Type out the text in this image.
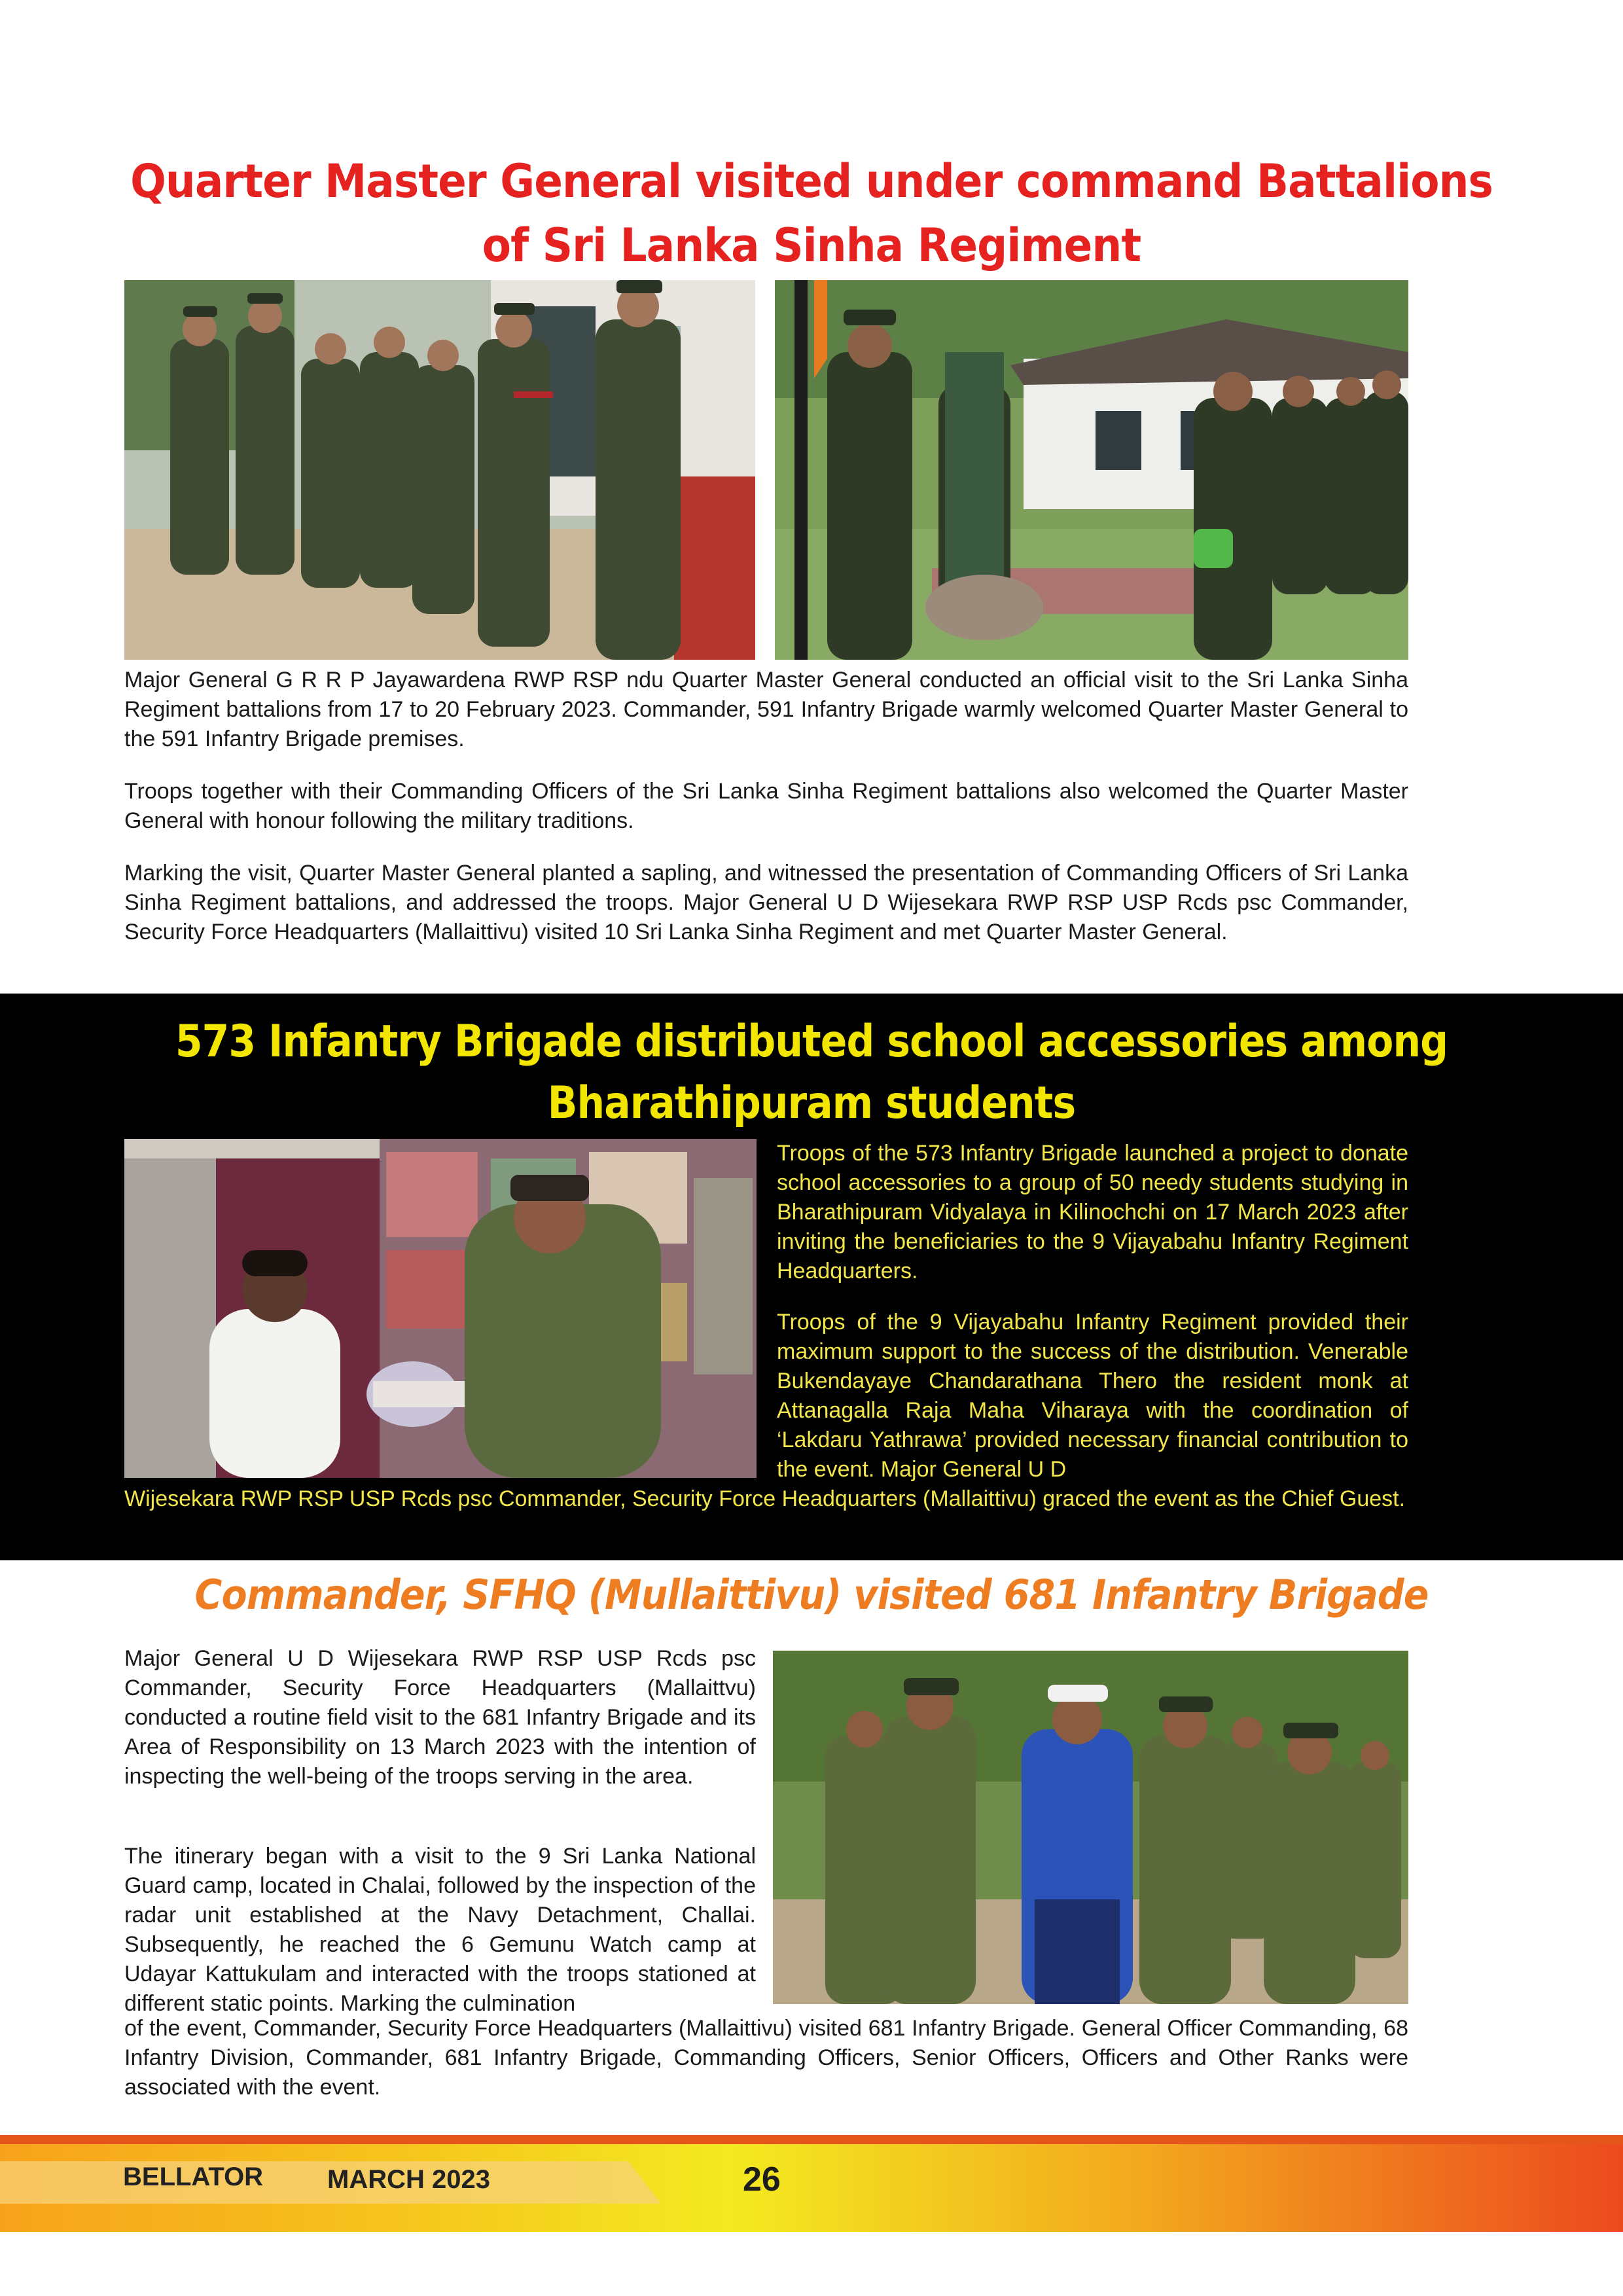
Quarter Master General visited under command Battalions
of Sri Lanka Sinha Regiment

Major General G R R P Jayawardena RWP RSP ndu Quarter Master General conducted an official visit to the Sri Lanka Sinha Regiment battalions from 17 to 20 February 2023. Commander, 591 Infantry Brigade warmly welcomed Quarter Master General to the 591 Infantry Brigade premises.

Troops together with their Commanding Officers of the Sri Lanka Sinha Regiment battalions also welcomed the Quarter Master General with honour following the military traditions.

Marking the visit, Quarter Master General planted a sapling, and witnessed the presentation of Commanding Officers of Sri Lanka Sinha Regiment battalions, and addressed the troops. Major General U D Wijesekara RWP RSP USP Rcds psc Commander, Security Force Headquarters (Mallaittivu) visited 10 Sri Lanka Sinha Regiment and met Quarter Master General.

573 Infantry Brigade distributed school accessories among
Bharathipuram students

Troops of the 573 Infantry Brigade launched a project to donate school accessories to a group of 50 needy students studying in Bharathipuram Vidyalaya in Kilinochchi on 17 March 2023 after inviting the beneficiaries to the 9 Vijayabahu Infantry Regiment Headquarters.

Troops of the 9 Vijayabahu Infantry Regiment provided their maximum support to the success of the distribution. Venerable Bukendayaye Chandarathana Thero the resident monk at Attanagalla Raja Maha Viharaya with the coordination of ‘Lakdaru Yathrawa’ provided necessary financial contribution to the event. Major General U D

Wijesekara RWP RSP USP Rcds psc Commander, Security Force Headquarters (Mallaittivu) graced the event as the Chief Guest.

Commander, SFHQ (Mullaittivu) visited 681 Infantry Brigade

Major General U D Wijesekara RWP RSP USP Rcds psc Commander, Security Force Headquarters (Mallaittvu) conducted a routine field visit to the 681 Infantry Brigade and its Area of Responsibility on 13 March 2023 with the intention of inspecting the well-being of the troops serving in the area.

The itinerary began with a visit to the 9 Sri Lanka National Guard camp, located in Chalai, followed by the inspection of the radar unit established at the Navy Detachment, Challai. Subsequently, he reached the 6 Gemunu Watch camp at Udayar Kattukulam and interacted with the troops stationed at different static points. Marking the culmination

of the event, Commander, Security Force Headquarters (Mallaittivu) visited 681 Infantry Brigade. General Officer Commanding, 68 Infantry Division, Commander, 681 Infantry Brigade, Commanding Officers, Senior Officers, Officers and Other Ranks were associated with the event.

BELLATOR MARCH 2023	26
